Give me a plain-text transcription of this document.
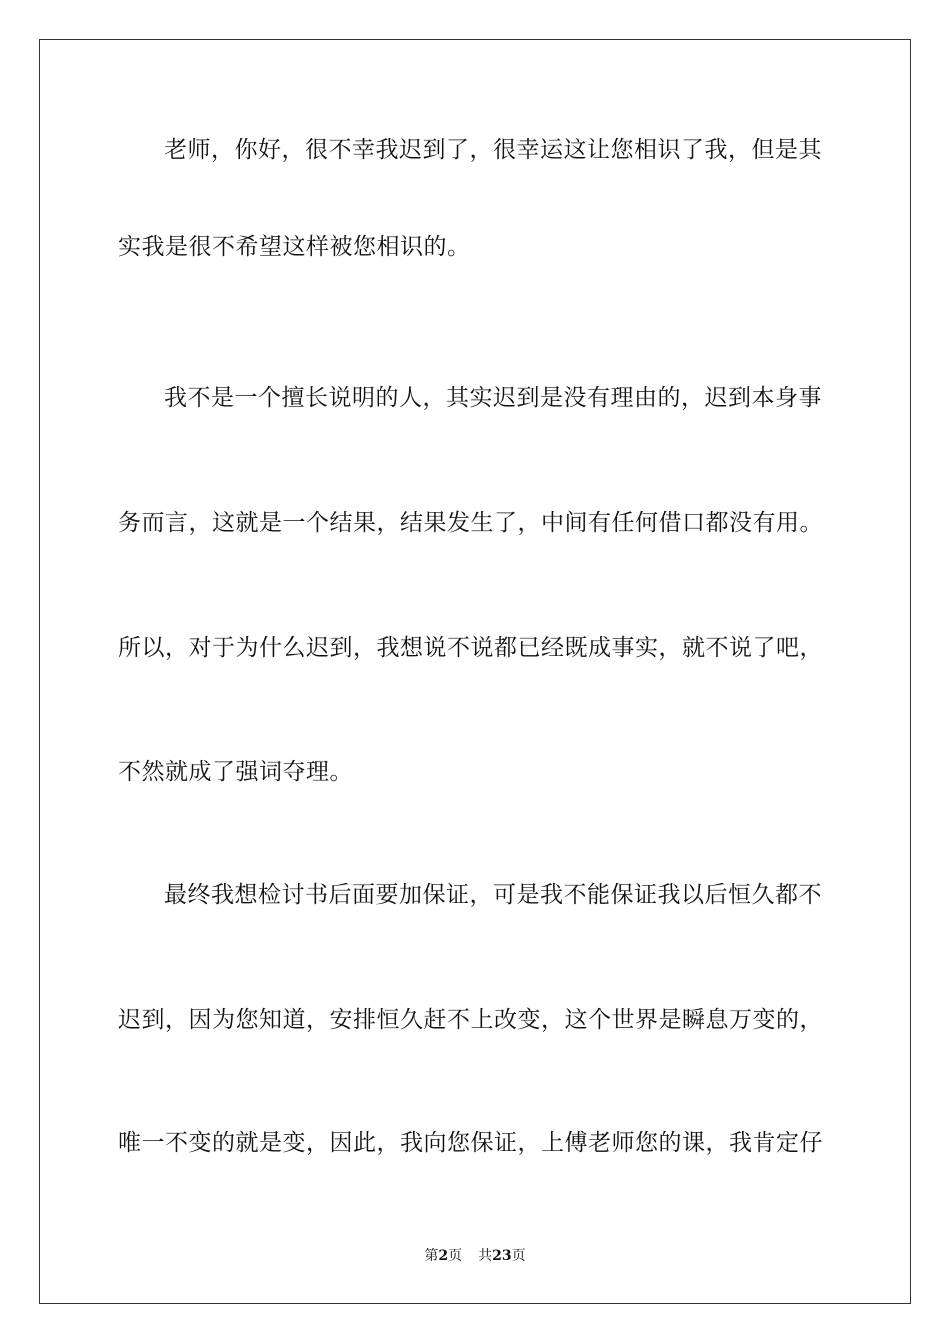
老师，你好，很不幸我迟到了，很幸运这让您相识了我，但是其
实我是很不希望这样被您相识的。
我不是一个擅长说明的人，其实迟到是没有理由的，迟到本身事
务而言，这就是一个结果，结果发生了，中间有任何借口都没有用。
所以，对于为什么迟到，我想说不说都已经既成事实，就不说了吧，
不然就成了强词夺理。
最终我想检讨书后面要加保证，可是我不能保证我以后恒久都不
迟到，因为您知道，安排恒久赶不上改变，这个世界是瞬息万变的，
唯一不变的就是变，因此，我向您保证，上傅老师您的课，我肯定仔
第2页 共23页
